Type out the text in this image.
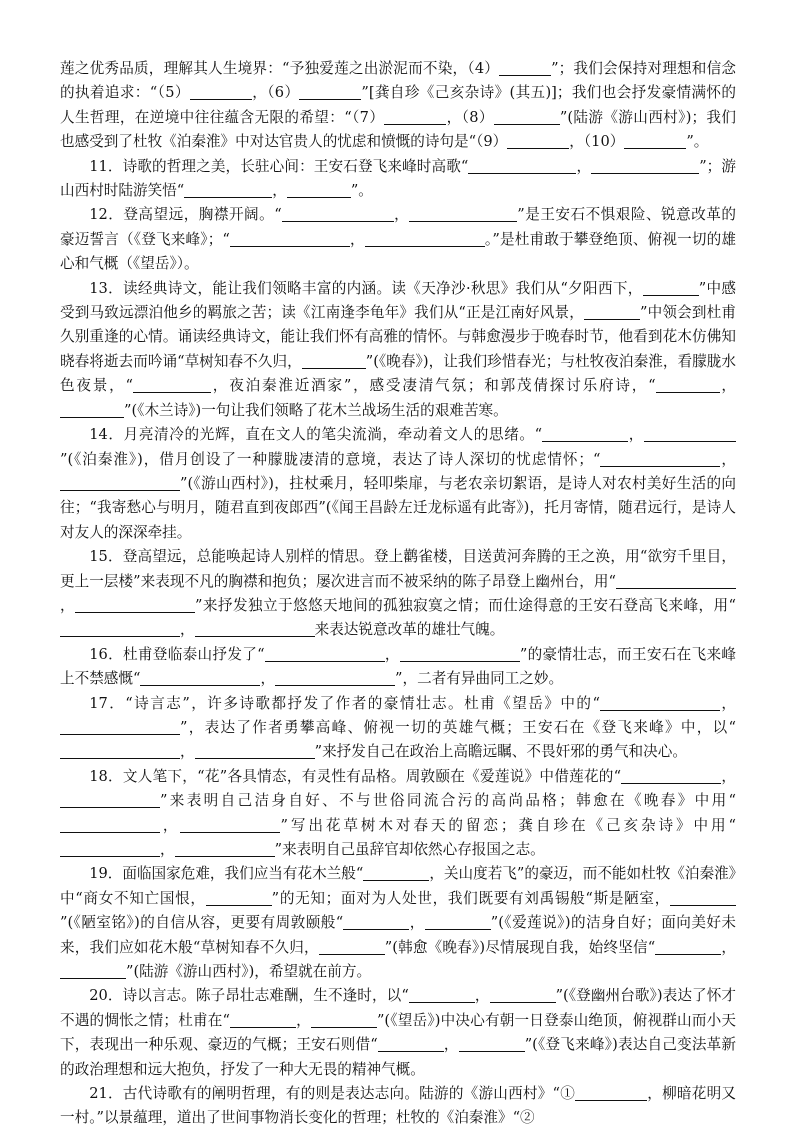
莲之优秀品质，理解其人生境界：“予独爱莲之出淤泥而不染，（4）	”；我们会保持对理想和信念的执着追求：“（5）	，（6）	”[龚自珍《己亥杂诗》(其五)]；我们也会抒发豪情满怀的人生哲理，在逆境中往往蕴含无限的希望：“（7）	，（8）	”(陆游《游山西村》)；我们也感受到了杜牧《泊秦淮》中对达官贵人的忧虑和愤慨的诗句是“（9）	，（10）	”。

11．诗歌的哲理之美，长驻心间：王安石登飞来峰时高歌“	，	”；游山西村时陆游笑悟“	，	”。

12．登高望远，胸襟开阔。“	，	”是王安石不惧艰险、锐意改革的豪迈誓言（《登飞来峰》；“	，	。”是杜甫敢于攀登绝顶、俯视一切的雄心和气概（《望岳》）。

13．读经典诗文，能让我们领略丰富的内涵。读《天净沙·秋思》我们从“夕阳西下，	”中感受到马致远漂泊他乡的羁旅之苦；读《江南逢李龟年》我们从“正是江南好风景，	”中领会到杜甫久别重逢的心情。诵读经典诗文，能让我们怀有高雅的情怀。与韩愈漫步于晚春时节，他看到花木仿佛知晓春将逝去而吟诵“草树知春不久归，	”(《晚春》)，让我们珍惜春光；与杜牧夜泊秦淮，看朦胧水色夜景，“	，夜泊秦淮近酒家”，感受凄清气氛；和郭茂倩探讨乐府诗，“	，”(《木兰诗》)一句让我们领略了花木兰战场生活的艰难苦寒。

14．月亮清冷的光辉，直在文人的笔尖流淌，牵动着文人的思绪。“	，”(《泊秦淮》)，借月创设了一种朦胧凄清的意境，表达了诗人深切的忧虑情怀；“	，”(《游山西村》)，拄杖乘月，轻叩柴扉，与老农亲切絮语，是诗人对农村美好生活的向往；“我寄愁心与明月，随君直到夜郎西”(《闻王昌龄左迁龙标遥有此寄》)，托月寄情，随君远行，是诗人对友人的深深牵挂。

15．登高望远，总能唤起诗人别样的情思。登上鹳雀楼，目送黄河奔腾的王之涣，用“欲穷千里目，更上一层楼”来表现不凡的胸襟和抱负；屡次进言而不被采纳的陈子昂登上幽州台，用“，	”来抒发独立于悠悠天地间的孤独寂寞之情；而仕途得意的王安石登高飞来峰，用“，	来表达锐意改革的雄壮气魄。

16．杜甫登临泰山抒发了“	，	”的豪情壮志，而王安石在飞来峰上不禁感慨“	，	”，二者有异曲同工之妙。

17．“诗言志”，许多诗歌都抒发了作者的豪情壮志。杜甫《望岳》中的“	，”，表达了作者勇攀高峰、俯视一切的英雄气概；王安石在《登飞来峰》中，以“，	”来抒发自己在政治上高瞻远瞩、不畏奸邪的勇气和决心。

18．文人笔下，“花”各具情态，有灵性有品格。周敦颐在《爱莲说》中借莲花的“	，”来表明自己洁身自好、不与世俗同流合污的高尚品格；韩愈在《晚春》中用“，	”写出花草树木对春天的留恋；龚自珍在《己亥杂诗》中用“，	”来表明自己虽辞官却依然心存报国之志。

19．面临国家危难，我们应当有花木兰般“	，关山度若飞”的豪迈，而不能如杜牧《泊秦淮》中“商女不知亡国恨，	”的无知；面对为人处世，我们既要有刘禹锡般“斯是陋室，”(《陋室铭》)的自信从容，更要有周敦颐般“	，	”(《爱莲说》)的洁身自好；面向美好未来，我们应如花木般“草树知春不久归，	”(韩愈《晚春》)尽情展现自我，始终坚信“	，”(陆游《游山西村》)，希望就在前方。

20．诗以言志。陈子昂壮志难酬，生不逢时，以“	，	”(《登幽州台歌》)表达了怀才不遇的惆怅之情；杜甫在“	，	”(《望岳》)中决心有朝一日登泰山绝顶，俯视群山而小天下，表现出一种乐观、豪迈的气概；王安石则借“	，	”(《登飞来峰》)表达自己变法革新的政治理想和远大抱负，抒发了一种大无畏的精神气概。

21．古代诗歌有的阐明哲理，有的则是表达志向。陆游的《游山西村》“①	，柳暗花明又一村。”以景蕴理，道出了世间事物消长变化的哲理；杜牧的《泊秦淮》“②
